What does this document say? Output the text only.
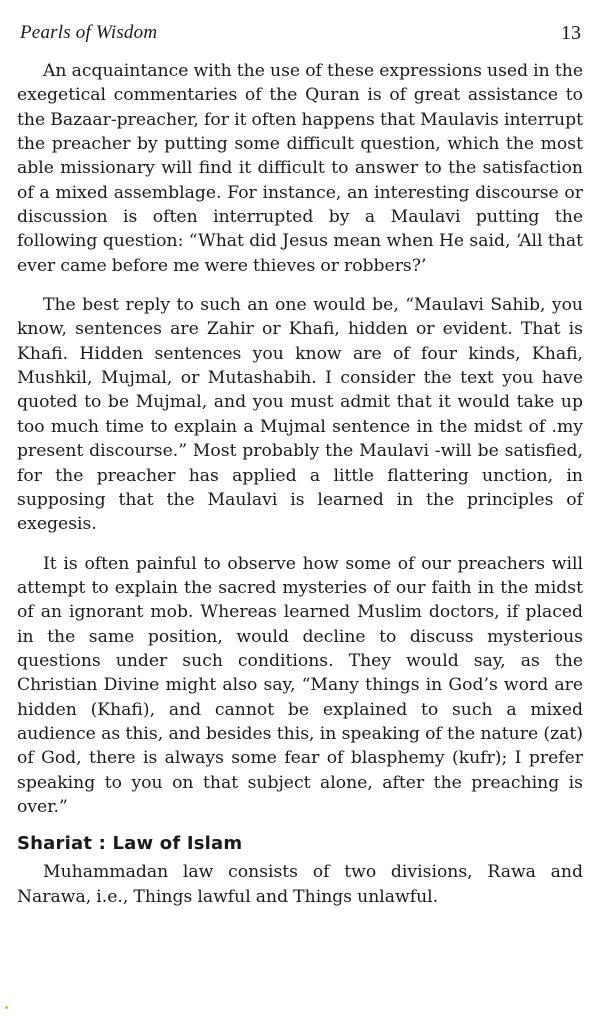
Pearls of Wisdom	13

An acquaintance with the use of these expressions used in the exegetical commentaries of the Quran is of great assistance to the Bazaar-preacher, for it often happens that Maulavis interrupt the preacher by putting some difficult question, which the most able missionary will find it difficult to answer to the satisfaction of a mixed assemblage. For instance, an interesting discourse or discussion is often interrupted by a Maulavi putting the following question: “What did Jesus mean when He said, ‘All that ever came before me were thieves or robbers?’

The best reply to such an one would be, “Maulavi Sahib, you know, sentences are Zahir or Khafi, hidden or evident. That is Khafi. Hidden sentences you know are of four kinds, Khafi, Mushkil, Mujmal, or Mutashabih. I consider the text you have quoted to be Mujmal, and you must admit that it would take up too much time to explain a Mujmal sentence in the midst of .my present discourse.” Most probably the Maulavi -will be satisfied, for the preacher has applied a little flattering unction, in supposing that the Maulavi is learned in the principles of exegesis.

It is often painful to observe how some of our preachers will attempt to explain the sacred mysteries of our faith in the midst of an ignorant mob. Whereas learned Muslim doctors, if placed in the same position, would decline to discuss mysterious questions under such conditions. They would say, as the Christian Divine might also say, “Many things in God’s word are hidden (Khafi), and cannot be explained to such a mixed audience as this, and besides this, in speaking of the nature (zat) of God, there is always some fear of blasphemy (kufr); I prefer speaking to you on that subject alone, after the preaching is over.”

Shariat : Law of Islam

Muhammadan law consists of two divisions, Rawa and Narawa, i.e., Things lawful and Things unlawful.
